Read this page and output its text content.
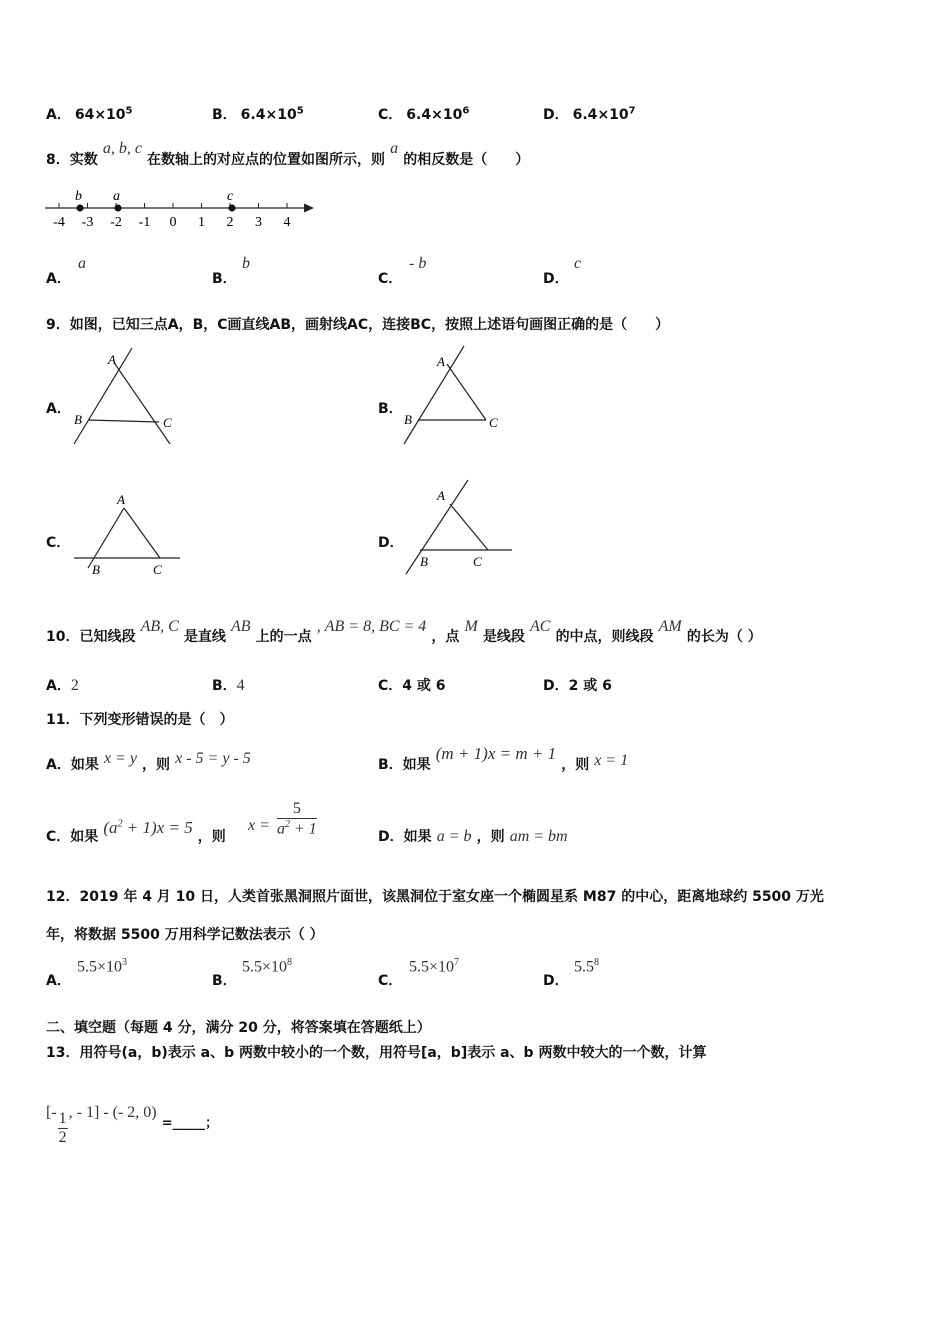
A． $64\times 10^5$	B． $6.4\times 10^5$	C． $6.4\times 10^6$	D． $6.4\times 10^7$
8．实数 a, b, c 在数轴上的对应点的位置如图所示，则 a 的相反数是（　　）
-4 -3 -2 -1 0 1 2 3 4
b a	c
A．
a
B．
b
C．
- b
D．
c
9．如图，已知三点A，B，C画直线AB，画射线AC，连接BC，按照上述语句画图正确的是（　　）
A．
A
B	C
B．
A
B	C
C．
A
B	C
D．
A
B	C
10．已知线段 AB, C 是直线 AB 上的一点 , AB = 8, BC = 4 ，点 M 是线段 AC 的中点，则线段 AM 的长为（ ）
A．2	B．4	C．4 或 6	D．2 或 6
11．下列变形错误的是（　）
A．如果 x = y ，则 x - 5 = y - 5	B．如果 (m + 1)x = m + 1 ，则 x = 1
C．如果 $(a^2 + 1)x = 5$ ，则
$x = \frac{5}{a^2 + 1}$	D．如果 a = b ，则 am = bm
12．2019 年 4 月 10 日，人类首张黑洞照片面世，该黑洞位于室女座一个椭圆星系 M87 的中心，距离地球约 5500 万光
年，将数据 5500 万用科学记数法表示（ ）
A．
$5.5\times 10^3$
B．
$5.5\times 10^8$
C．
$5.5\times 10^7$
D．
$5.5^8$
二、填空题（每题 4 分，满分 20 分，将答案填在答题纸上）
13．用符号(a，b)表示 a、b 两数中较小的一个数，用符号[a，b]表示 a、b 两数中较大的一个数，计算
[- $\frac{1}{2}$ , - 1] - (- 2, 0) =_____；
